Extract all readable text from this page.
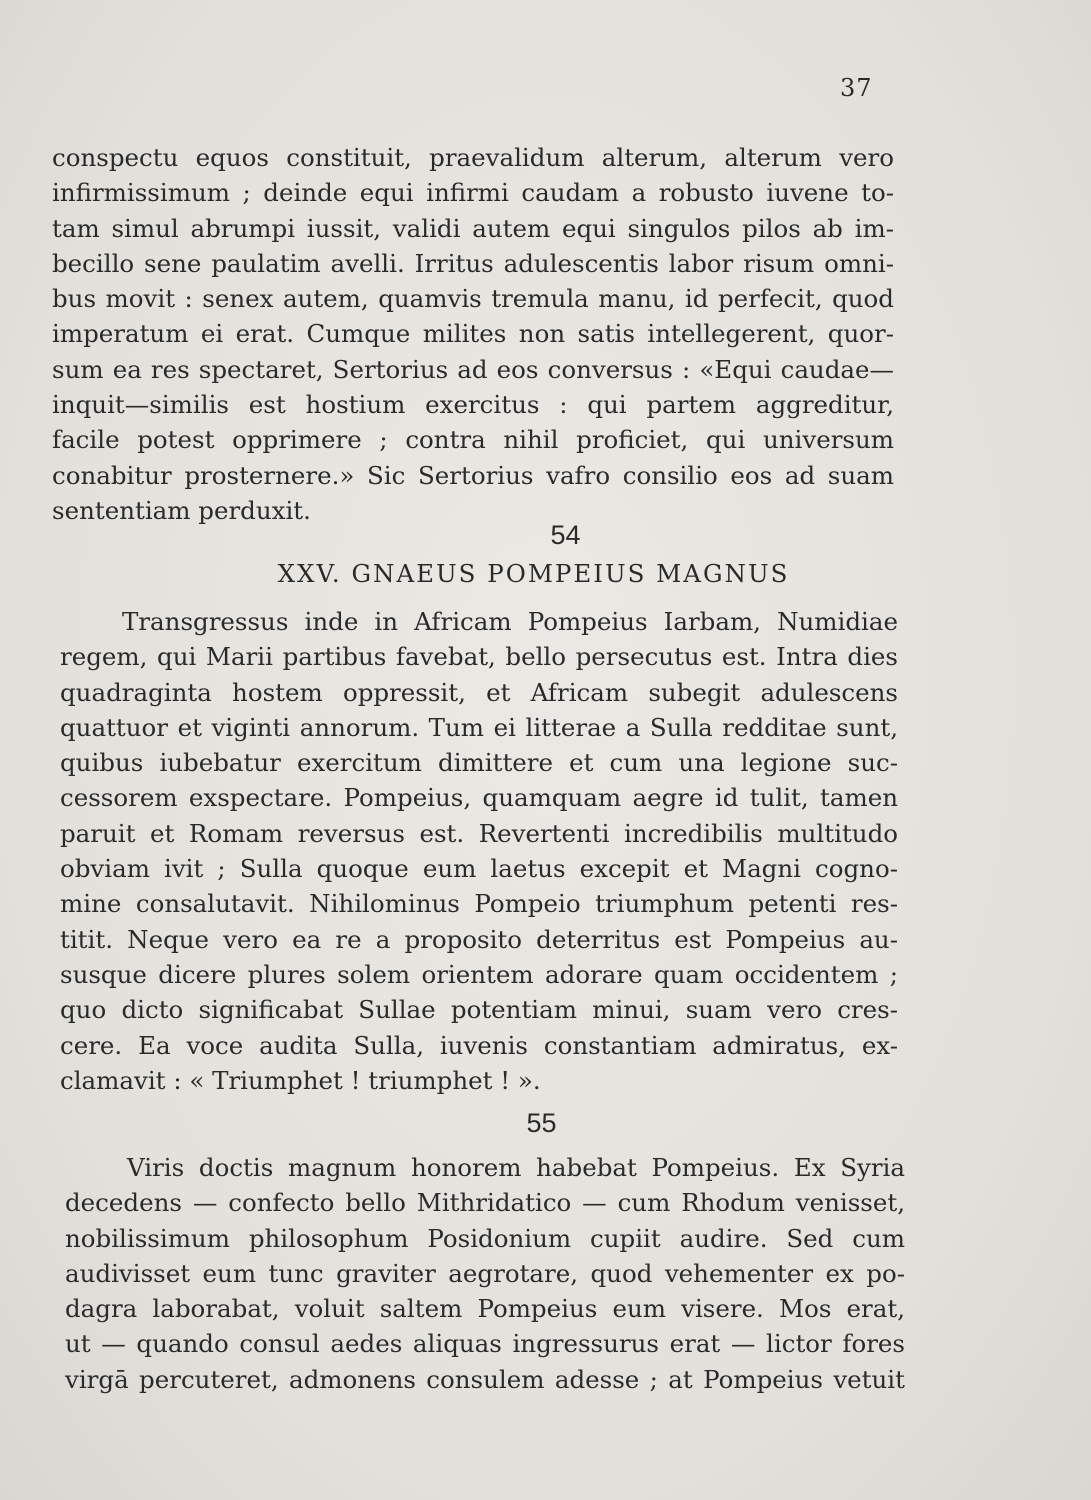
37
conspectu equos constituit, praevalidum alterum, alterum vero
infirmissimum ; deinde equi infirmi caudam a robusto iuvene to-
tam simul abrumpi iussit, validi autem equi singulos pilos ab im-
becillo sene paulatim avelli. Irritus adulescentis labor risum omni-
bus movit : senex autem, quamvis tremula manu, id perfecit, quod
imperatum ei erat. Cumque milites non satis intellegerent, quor-
sum ea res spectaret, Sertorius ad eos conversus : «Equi caudae—
inquit—similis est hostium exercitus : qui partem aggreditur,
facile potest opprimere ; contra nihil proficiet, qui universum
conabitur prosternere.» Sic Sertorius vafro consilio eos ad suam
sententiam perduxit.
54
XXV. GNAEUS POMPEIUS MAGNUS
Transgressus inde in Africam Pompeius Iarbam, Numidiae
regem, qui Marii partibus favebat, bello persecutus est. Intra dies
quadraginta hostem oppressit, et Africam subegit adulescens
quattuor et viginti annorum. Tum ei litterae a Sulla redditae sunt,
quibus iubebatur exercitum dimittere et cum una legione suc-
cessorem exspectare. Pompeius, quamquam aegre id tulit, tamen
paruit et Romam reversus est. Revertenti incredibilis multitudo
obviam ivit ; Sulla quoque eum laetus excepit et Magni cogno-
mine consalutavit. Nihilominus Pompeio triumphum petenti res-
titit. Neque vero ea re a proposito deterritus est Pompeius au-
susque dicere plures solem orientem adorare quam occidentem ;
quo dicto significabat Sullae potentiam minui, suam vero cres-
cere. Ea voce audita Sulla, iuvenis constantiam admiratus, ex-
clamavit : « Triumphet ! triumphet ! ».
55
Viris doctis magnum honorem habebat Pompeius. Ex Syria
decedens — confecto bello Mithridatico — cum Rhodum venisset,
nobilissimum philosophum Posidonium cupiit audire. Sed cum
audivisset eum tunc graviter aegrotare, quod vehementer ex po-
dagra laborabat, voluit saltem Pompeius eum visere. Mos erat,
ut — quando consul aedes aliquas ingressurus erat — lictor fores
virgā percuteret, admonens consulem adesse ; at Pompeius vetuit
